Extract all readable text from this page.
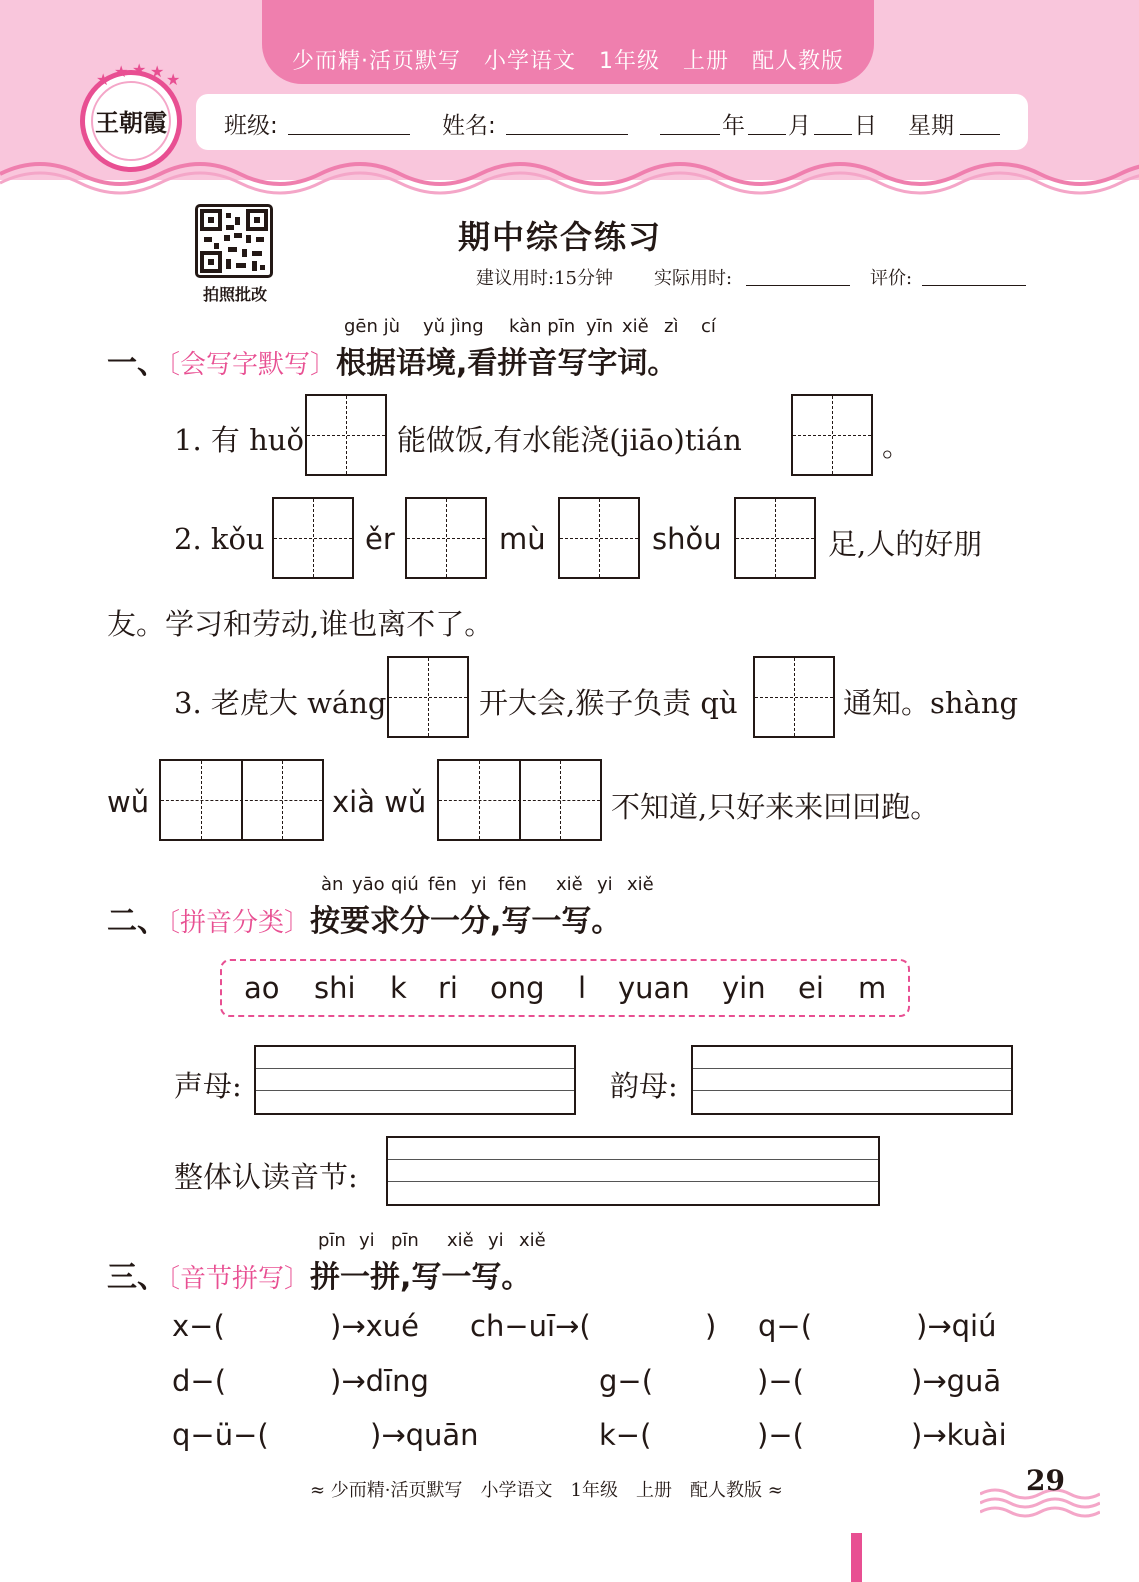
少而精·活页默写　小学语文　1年级　上册　配人教版
班级:	姓名:	年 月 日 星期
王朝霞
★ ★ ★ ★ ★
拍照批改
期中综合练习
建议用时:15分钟 实际用时:	评价:
gēn jù yǔ jìng kàn pīn yīn xiě zì cí
一、〔会写字默写〕根据语境,看拼音写字词。
1. 有 huǒ	能做饭,有水能浇(jiāo)tián	。
2. kǒu	ěr	mù	shǒu	足,人的好朋
友。学习和劳动,谁也离不了。
3. 老虎大 wáng	开大会,猴子负责 qù	通知。shàng
wǔ	xià wǔ	不知道,只好来来回回跑。
àn yāo qiú fēn yi fēn xiě yi xiě
二、〔拼音分类〕按要求分一分,写一写。
ao shi k ri ong l yuan yin ei m
声母:	韵母:
整体认读音节:
pīn yi pīn xiě yi xiě
三、〔音节拼写〕拼一拼,写一写。
x−(	)→xué ch−uī→(	) q−(	)→qiú
d−(	)→dīng	g−(	)−(	)→guā
q−ü−(	)→quān	k−(	)−(	)→kuài
≈ 少而精·活页默写　小学语文　1年级　上册　配人教版 ≈	29
